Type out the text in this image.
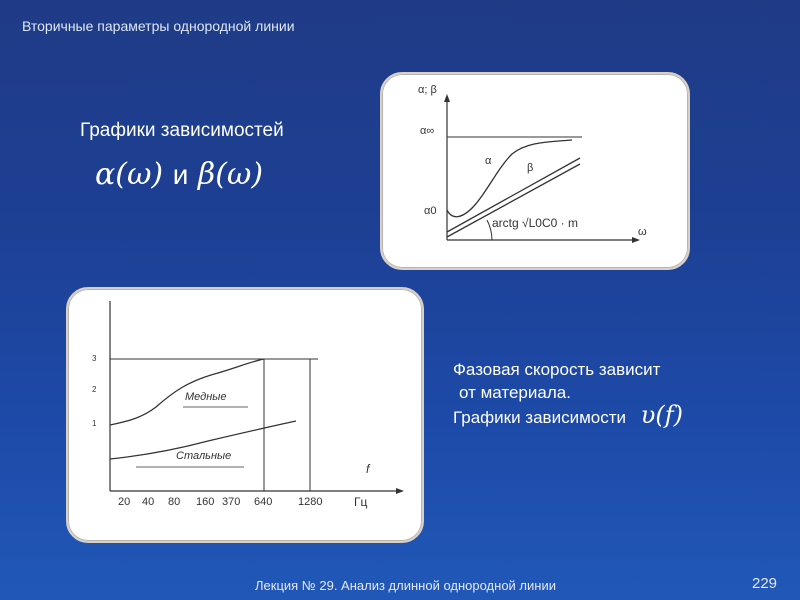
Вторичные параметры однородной линии
Графики зависимостей
α(ω) и β(ω)
α; β
α∞
α
β
α0
arctg √L0C0 · m
ω
3
2
1
Медные
Стальные
f
20 40 80 160 370 640 1280	Гц
Фазовая скорость зависит
от материала.
Графики зависимости υ(f)
Лекция № 29. Анализ длинной однородной линии	229
